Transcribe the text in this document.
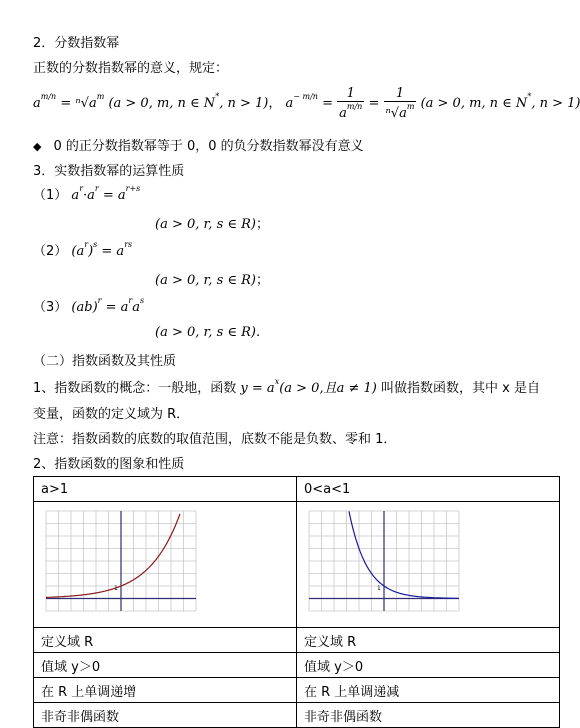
2．分数指数幂
正数的分数指数幂的意义，规定：
$a^{m/n} = ^n√a^m$ (a > 0, m, n ∈ N*, n > 1)， $a^{- m/n} = \frac{1}{a^{m/n}} = \frac{1}{^n√a^m} (a > 0$, m, n ∈ N*, n > 1)
◆ 0 的正分数指数幂等于 0，0 的负分数指数幂没有意义
3．实数指数幂的运算性质
（1） $a^r\cdot a^r = a^{r+s}$
(a > 0, r, s ∈ R)；
（2） $(a^r)^s = a^{rs}$
(a > 0, r, s ∈ R)；
（3） $(ab)^r = a^ra^s$
(a > 0, r, s ∈ R).
（二）指数函数及其性质
1、指数函数的概念：一般地，函数 $y = a^x(a > 0$,且a ≠ 1) 叫做指数函数，其中 x 是自
变量，函数的定义域为 R．
注意：指数函数的底数的取值范围，底数不能是负数、零和 1．
2、指数函数的图象和性质
a>1	0<a<1

1	1

定义域 R	定义域 R
值域 y＞0	值域 y＞0
在 R 上单调递增	在 R 上单调递减
非奇非偶函数	非奇非偶函数
